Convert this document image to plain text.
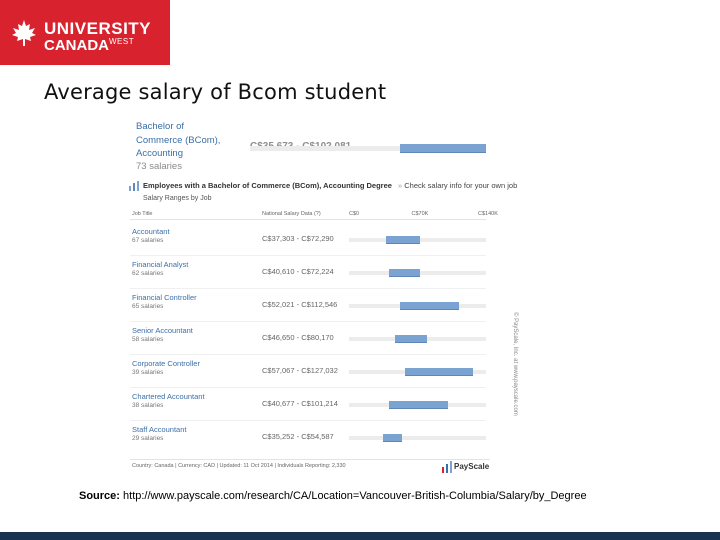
UNIVERSITY
$CANADA^{WEST}$
Average salary of Bcom student
Bachelor of
Commerce (BCom),
Accounting
73 salaries
Employees with a Bachelor of Commerce (BCom), Accounting Degree
Salary Ranges by Job
» Check salary info for your own job
Job Title	National Salary Data (?)	C$0	C$70K	C$140K
Accountant
67 salaries	C$37,303 - C$72,290
Financial Analyst
62 salaries	C$40,610 - C$72,224
Financial Controller
65 salaries	C$52,021 - C$112,546
Senior Accountant
58 salaries	C$46,650 - C$80,170
Corporate Controller
39 salaries	C$57,067 - C$127,032
Chartered Accountant
38 salaries	C$40,677 - C$101,214
Staff Accountant
29 salaries	C$35,252 - C$54,587
Country: Canada | Currency: CAD | Updated: 11 Oct 2014 | Individuals Reporting: 2,330	PayScale
© PayScale, Inc. at www.payscale.com
Source: http://www.payscale.com/research/CA/Location=Vancouver-British-Columbia/Salary/by_Degree
